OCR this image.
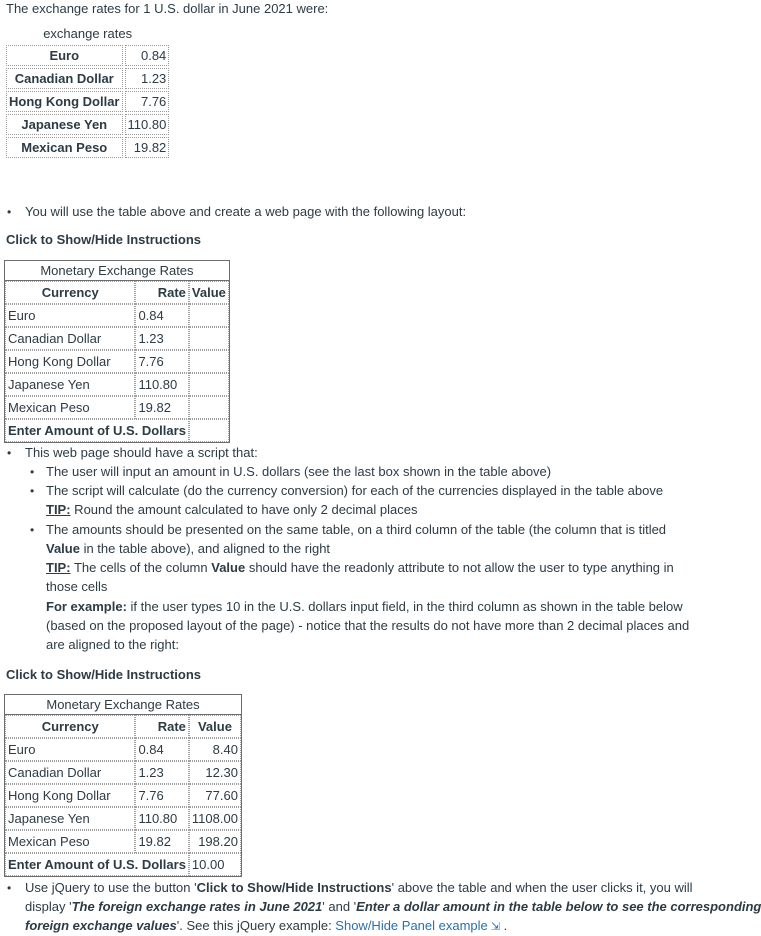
The exchange rates for 1 U.S. dollar in June 2021 were:
exchange rates
Euro	0.84
Canadian Dollar	1.23
Hong Kong Dollar	7.76
Japanese Yen	110.80
Mexican Peso	19.82
• You will use the table above and create a web page with the following layout:
Click to Show/Hide Instructions
Monetary Exchange Rates
Currency	Rate	Value
Euro	0.84	
Canadian Dollar	1.23	
Hong Kong Dollar	7.76	
Japanese Yen	110.80	
Mexican Peso	19.82	
Enter Amount of U.S. Dollars		
• This web page should have a script that:
• The user will input an amount in U.S. dollars (see the last box shown in the table above)
• The script will calculate (do the currency conversion) for each of the currencies displayed in the table above
TIP: Round the amount calculated to have only 2 decimal places
• The amounts should be presented on the same table, on a third column of the table (the column that is titled
Value in the table above), and aligned to the right
TIP: The cells of the column Value should have the readonly attribute to not allow the user to type anything in
those cells
For example: if the user types 10 in the U.S. dollars input field, in the third column as shown in the table below
(based on the proposed layout of the page) - notice that the results do not have more than 2 decimal places and
are aligned to the right:
Click to Show/Hide Instructions
Monetary Exchange Rates
Currency	Rate	Value
Euro	0.84	8.40
Canadian Dollar	1.23	12.30
Hong Kong Dollar	7.76	77.60
Japanese Yen	110.80	1108.00
Mexican Peso	19.82	198.20
Enter Amount of U.S. Dollars		10.00
• Use jQuery to use the button 'Click to Show/Hide Instructions' above the table and when the user clicks it, you will
display 'The foreign exchange rates in June 2021' and 'Enter a dollar amount in the table below to see the corresponding
foreign exchange values'. See this jQuery example: Show/Hide Panel example ⇲ .
